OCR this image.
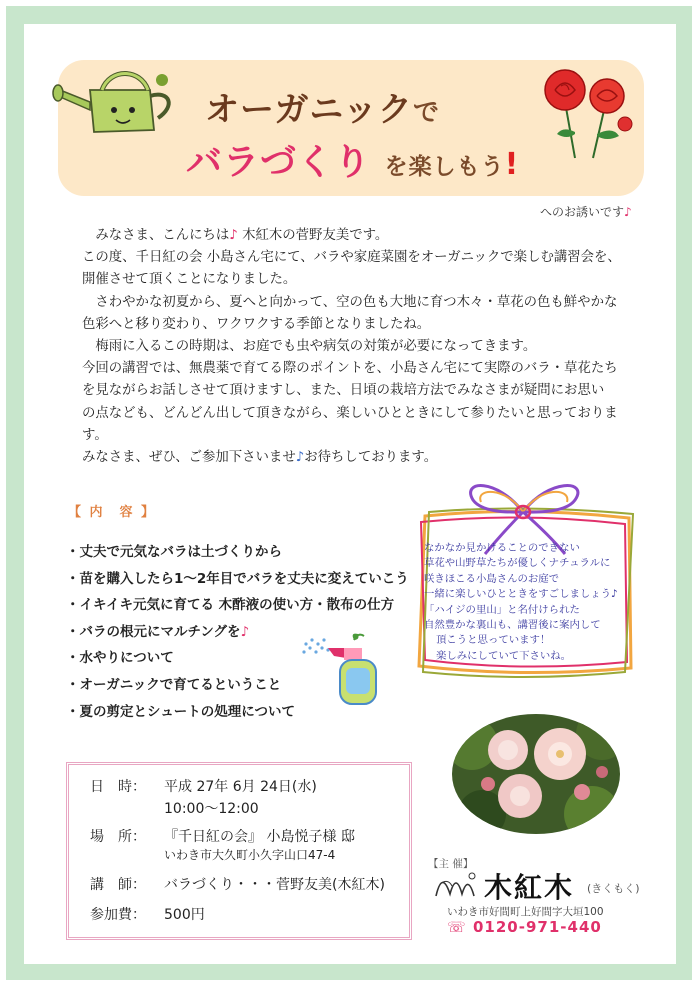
オーガニックで
バラづくり を楽しもう!
へのお誘いです♪

　みなさま、こんにちは♪ 木紅木の菅野友美です。

この度、千日紅の会 小島さん宅にて、バラや家庭菜園をオーガニックで楽しむ講習会を、

開催させて頂くことになりました。

　さわやかな初夏から、夏へと向かって、空の色も大地に育つ木々・草花の色も鮮やかな

色彩へと移り変わり、ワクワクする季節となりましたね。

　梅雨に入るこの時期は、お庭でも虫や病気の対策が必要になってきます。

今回の講習では、無農薬で育てる際のポイントを、小島さん宅にて実際のバラ・草花たち

を見ながらお話しさせて頂けますし、また、日頃の栽培方法でみなさまが疑問にお思い

の点なども、どんどん出して頂きながら、楽しいひとときにして参りたいと思っております。

みなさま、ぜひ、ご参加下さいませ♪お待ちしております。

【 内　容 】
・丈夫で元気なバラは土づくりから
・苗を購入したら1～2年目でバラを丈夫に変えていこう
・イキイキ元気に育てる 木酢液の使い方・散布の仕方
・バラの根元にマルチングを♪
・水やりについて
・オーガニックで育てるということ
・夏の剪定とシュートの処理について
なかなか見かけることのできない
草花や山野草たちが優しくナチュラルに
咲きほこる小島さんのお庭で
一緒に楽しいひとときをすごしましょう♪
「ハイジの里山」と名付けられた
自然豊かな裏山も、講習後に案内して
頂こうと思っています！
楽しみにしていて下さいね。
日　時： 平成 27年 6月 24日(水)
10:00～12:00
場　所： 『千日紅の会』 小島悦子様 邸
いわき市大久町小久字山口47-4
講　師： バラづくり・・・菅野友美(木紅木)
参加費： 500円
【主 催】
木紅木 (きくもく)
いわき市好間町上好間字大垣100
☏ 0120-971-440
